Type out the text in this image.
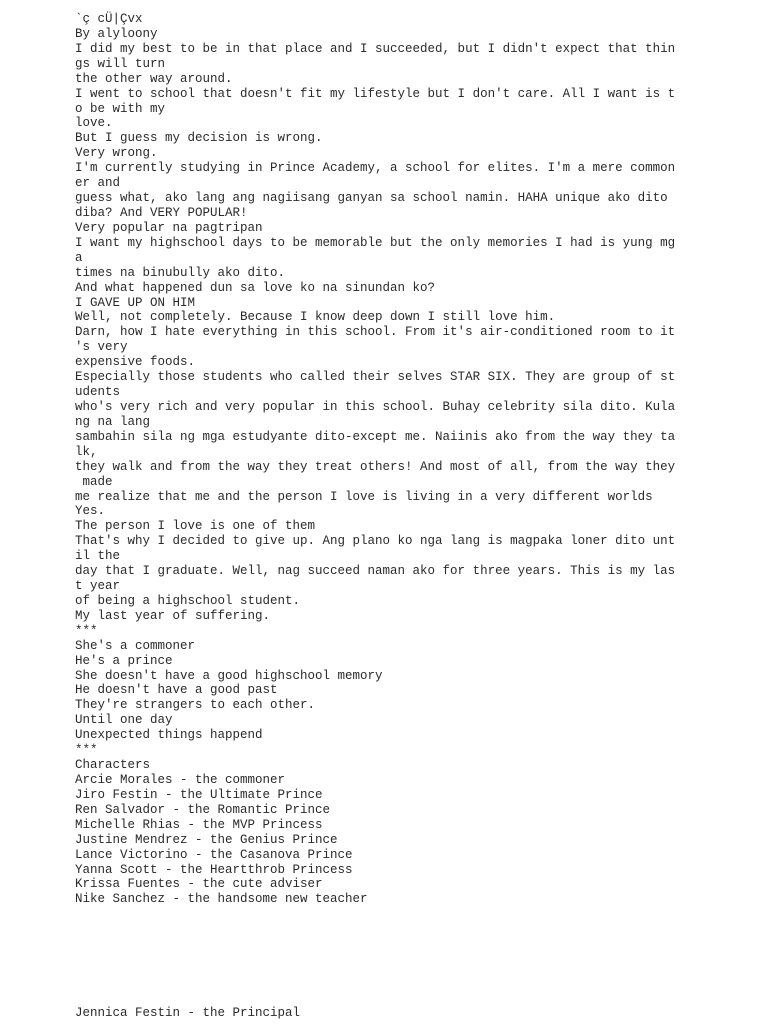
`ç cÜ|Çvx
By alyloony
I did my best to be in that place and I succeeded, but I didn't expect that thin
gs will turn
the other way around.
I went to school that doesn't fit my lifestyle but I don't care. All I want is t
o be with my
love.
But I guess my decision is wrong.
Very wrong.
I'm currently studying in Prince Academy, a school for elites. I'm a mere common
er and
guess what, ako lang ang nagiisang ganyan sa school namin. HAHA unique ako dito
diba? And VERY POPULAR!
Very popular na pagtripan
I want my highschool days to be memorable but the only memories I had is yung mg
a
times na binubully ako dito.
And what happened dun sa love ko na sinundan ko?
I GAVE UP ON HIM
Well, not completely. Because I know deep down I still love him.
Darn, how I hate everything in this school. From it's air-conditioned room to it
's very
expensive foods.
Especially those students who called their selves STAR SIX. They are group of st
udents
who's very rich and very popular in this school. Buhay celebrity sila dito. Kula
ng na lang
sambahin sila ng mga estudyante dito-except me. Naiinis ako from the way they ta
lk,
they walk and from the way they treat others! And most of all, from the way they
made
me realize that me and the person I love is living in a very different worlds
Yes.
The person I love is one of them
That's why I decided to give up. Ang plano ko nga lang is magpaka loner dito unt
il the
day that I graduate. Well, nag succeed naman ako for three years. This is my las
t year
of being a highschool student.
My last year of suffering.
***
She's a commoner
He's a prince
She doesn't have a good highschool memory
He doesn't have a good past
They're strangers to each other.
Until one day
Unexpected things happend
***
Characters
Arcie Morales - the commoner
Jiro Festin - the Ultimate Prince
Ren Salvador - the Romantic Prince
Michelle Rhias - the MVP Princess
Justine Mendrez - the Genius Prince
Lance Victorino - the Casanova Prince
Yanna Scott - the Heartthrob Princess
Krissa Fuentes - the cute adviser
Nike Sanchez - the handsome new teacher
Jennica Festin - the Principal
